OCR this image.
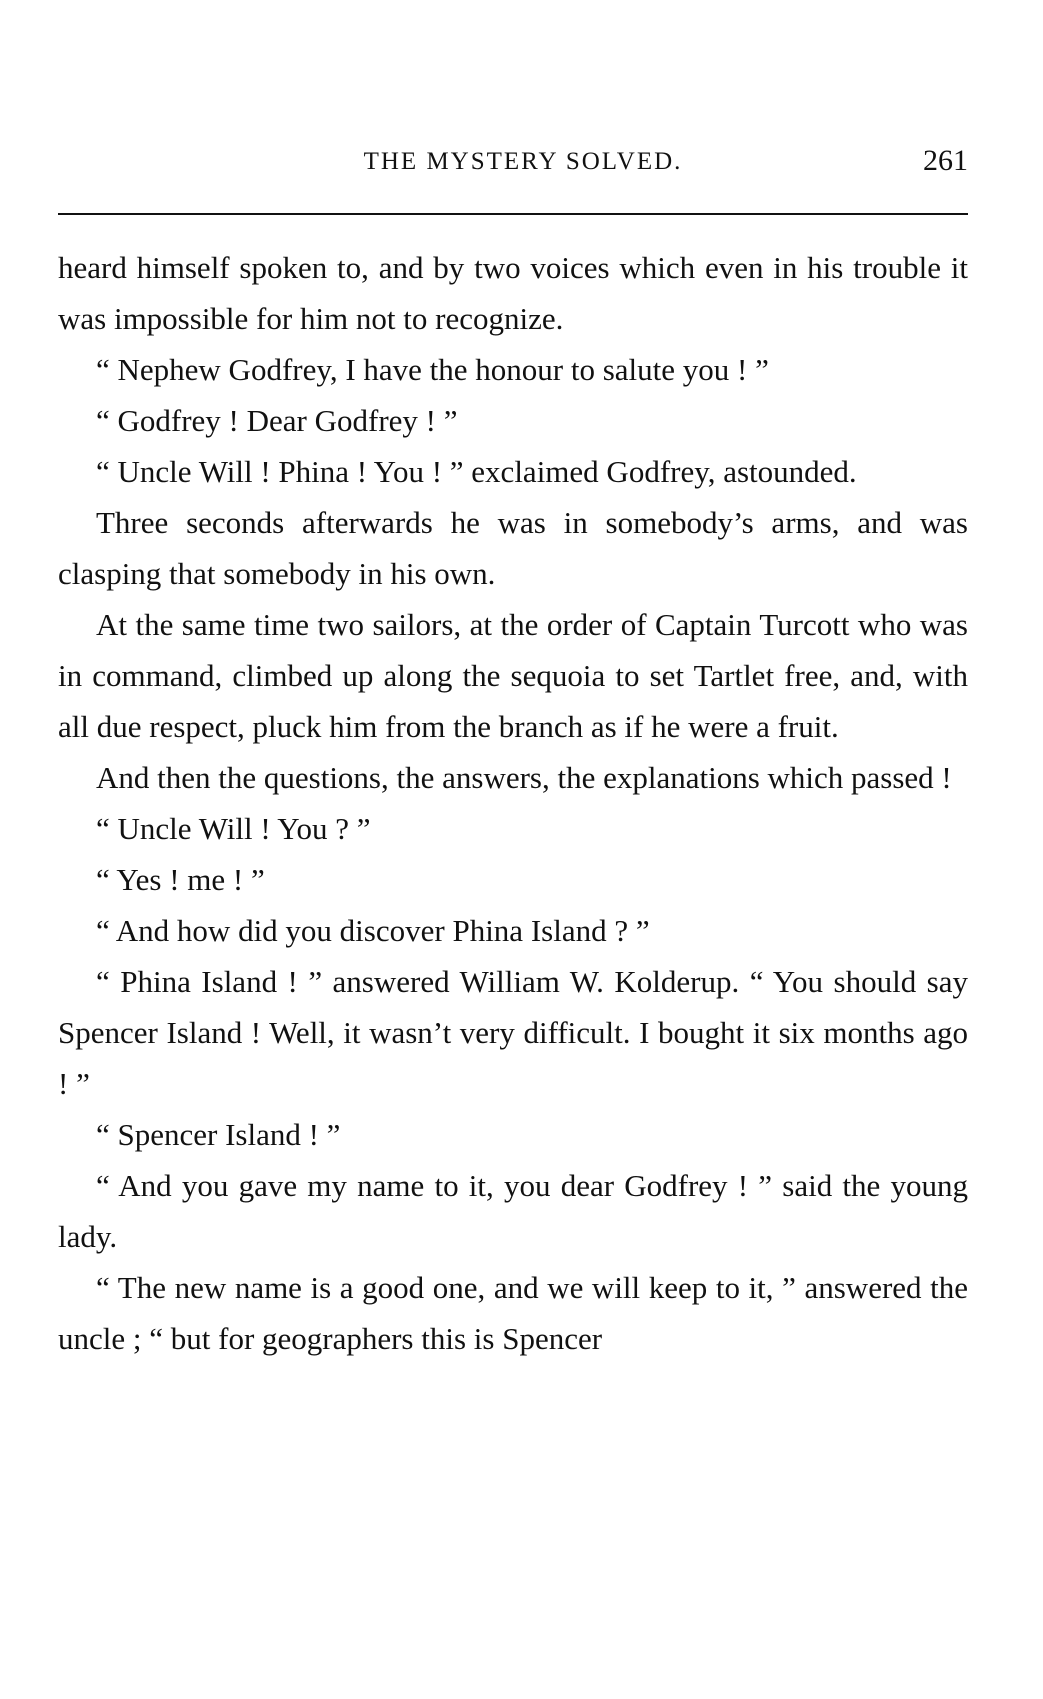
THE MYSTERY SOLVED.	261

heard himself spoken to, and by two voices which even in his trouble it was impossible for him not to recognize.

“ Nephew Godfrey, I have the honour to salute you ! ”

“ Godfrey ! Dear Godfrey ! ”

“ Uncle Will ! Phina ! You ! ” exclaimed Godfrey, astounded.

Three seconds afterwards he was in somebody’s arms, and was clasping that somebody in his own.

At the same time two sailors, at the order of Captain Turcott who was in command, climbed up along the sequoia to set Tartlet free, and, with all due respect, pluck him from the branch as if he were a fruit.

And then the questions, the answers, the explanations which passed !

“ Uncle Will ! You ? ”

“ Yes ! me ! ”

“ And how did you discover Phina Island ? ”

“ Phina Island ! ” answered William W. Kolderup. “ You should say Spencer Island ! Well, it wasn’t very difficult. I bought it six months ago ! ”

“ Spencer Island ! ”

“ And you gave my name to it, you dear Godfrey ! ” said the young lady.

“ The new name is a good one, and we will keep to it, ” answered the uncle ; “ but for geographers this is Spencer
